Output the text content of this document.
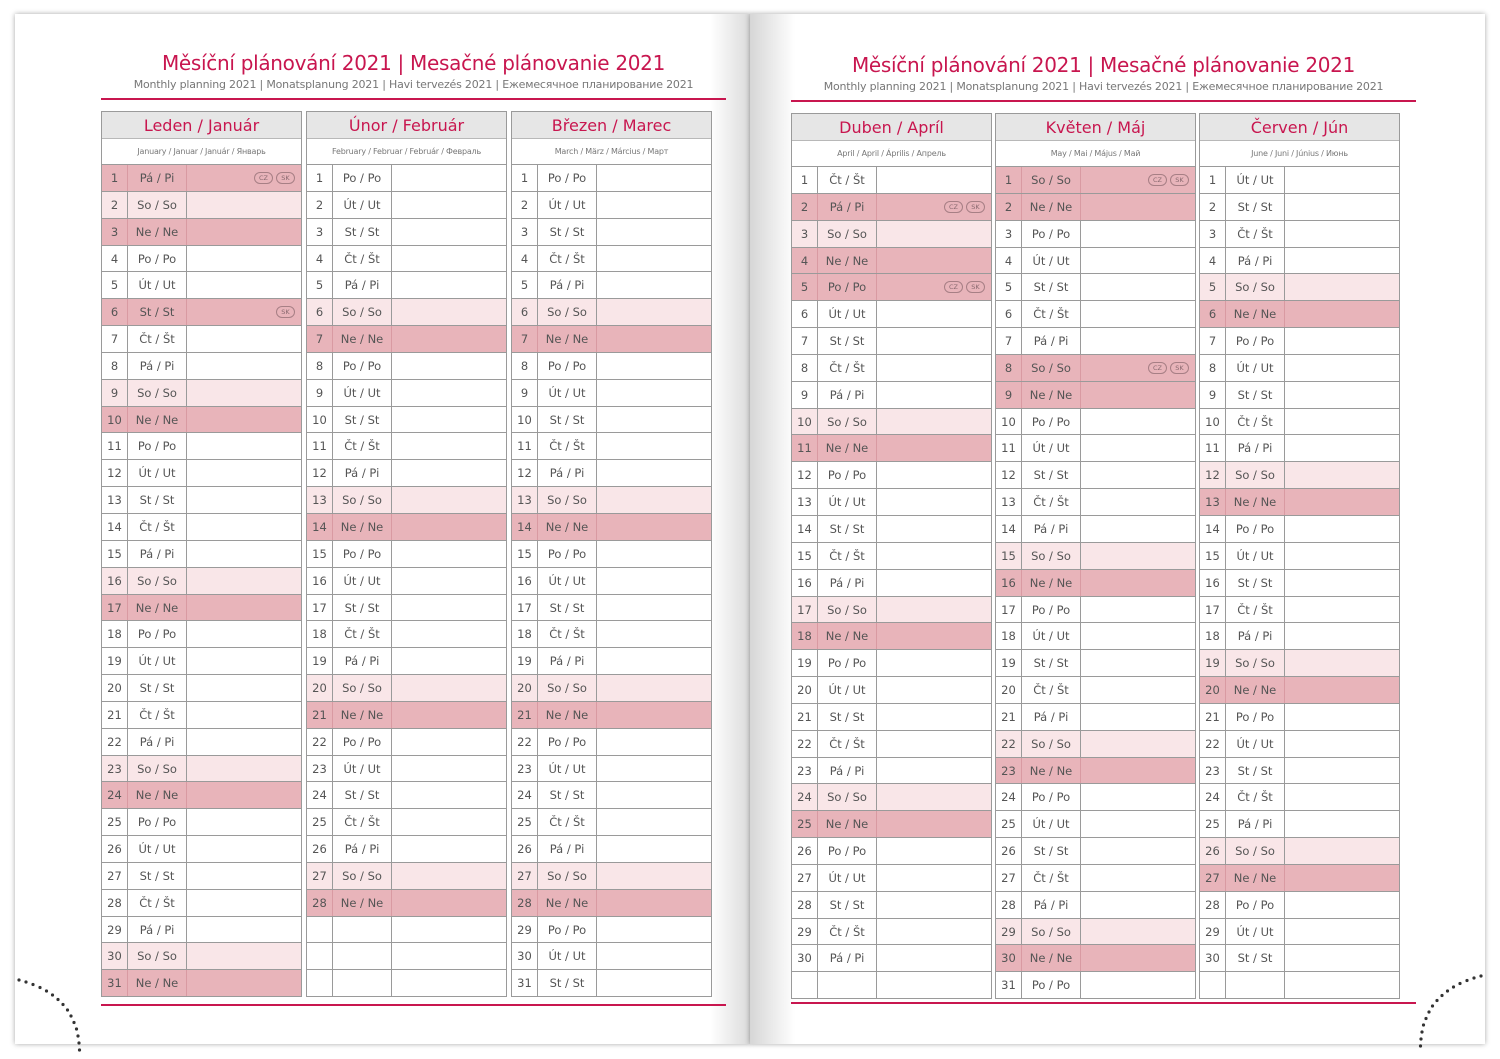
Měsíční plánování 2021 | Mesačné plánovanie 2021
Monthly planning 2021 | Monatsplanung 2021 | Havi tervezés 2021 | Ежемесячное планирование 2021
Leden / Január
January / Januar / Január / Январь
1	Pá / Pi	CZ	SK
2	So / So
3	Ne / Ne
4	Po / Po
5	Út / Ut
6	St / St	SK
7	Čt / Št
8	Pá / Pi
9	So / So
10	Ne / Ne
11	Po / Po
12	Út / Ut
13	St / St
14	Čt / Št
15	Pá / Pi
16	So / So
17	Ne / Ne
18	Po / Po
19	Út / Ut
20	St / St
21	Čt / Št
22	Pá / Pi
23	So / So
24	Ne / Ne
25	Po / Po
26	Út / Ut
27	St / St
28	Čt / Št
29	Pá / Pi
30	So / So
31	Ne / Ne
Únor / Február
February / Februar / Február / Февраль
1	Po / Po
2	Út / Ut
3	St / St
4	Čt / Št
5	Pá / Pi
6	So / So
7	Ne / Ne
8	Po / Po
9	Út / Ut
10	St / St
11	Čt / Št
12	Pá / Pi
13	So / So
14	Ne / Ne
15	Po / Po
16	Út / Ut
17	St / St
18	Čt / Št
19	Pá / Pi
20	So / So
21	Ne / Ne
22	Po / Po
23	Út / Ut
24	St / St
25	Čt / Št
26	Pá / Pi
27	So / So
28	Ne / Ne
Březen / Marec
March / März / Március / Март
1	Po / Po
2	Út / Ut
3	St / St
4	Čt / Št
5	Pá / Pi
6	So / So
7	Ne / Ne
8	Po / Po
9	Út / Ut
10	St / St
11	Čt / Št
12	Pá / Pi
13	So / So
14	Ne / Ne
15	Po / Po
16	Út / Ut
17	St / St
18	Čt / Št
19	Pá / Pi
20	So / So
21	Ne / Ne
22	Po / Po
23	Út / Ut
24	St / St
25	Čt / Št
26	Pá / Pi
27	So / So
28	Ne / Ne
29	Po / Po
30	Út / Ut
31	St / St
Měsíční plánování 2021 | Mesačné plánovanie 2021
Monthly planning 2021 | Monatsplanung 2021 | Havi tervezés 2021 | Ежемесячное планирование 2021
Duben / Apríl
April / April / Április / Апрель
1	Čt / Št
2	Pá / Pi	CZ	SK
3	So / So
4	Ne / Ne
5	Po / Po	CZ	SK
6	Út / Ut
7	St / St
8	Čt / Št
9	Pá / Pi
10	So / So
11	Ne / Ne
12	Po / Po
13	Út / Ut
14	St / St
15	Čt / Št
16	Pá / Pi
17	So / So
18	Ne / Ne
19	Po / Po
20	Út / Ut
21	St / St
22	Čt / Št
23	Pá / Pi
24	So / So
25	Ne / Ne
26	Po / Po
27	Út / Ut
28	St / St
29	Čt / Št
30	Pá / Pi
Květen / Máj
May / Mai / Május / Май
1	So / So	CZ	SK
2	Ne / Ne
3	Po / Po
4	Út / Ut
5	St / St
6	Čt / Št
7	Pá / Pi
8	So / So	CZ	SK
9	Ne / Ne
10	Po / Po
11	Út / Ut
12	St / St
13	Čt / Št
14	Pá / Pi
15	So / So
16	Ne / Ne
17	Po / Po
18	Út / Ut
19	St / St
20	Čt / Št
21	Pá / Pi
22	So / So
23	Ne / Ne
24	Po / Po
25	Út / Ut
26	St / St
27	Čt / Št
28	Pá / Pi
29	So / So
30	Ne / Ne
31	Po / Po
Červen / Jún
June / Juni / Június / Июнь
1	Út / Ut
2	St / St
3	Čt / Št
4	Pá / Pi
5	So / So
6	Ne / Ne
7	Po / Po
8	Út / Ut
9	St / St
10	Čt / Št
11	Pá / Pi
12	So / So
13	Ne / Ne
14	Po / Po
15	Út / Ut
16	St / St
17	Čt / Št
18	Pá / Pi
19	So / So
20	Ne / Ne
21	Po / Po
22	Út / Ut
23	St / St
24	Čt / Št
25	Pá / Pi
26	So / So
27	Ne / Ne
28	Po / Po
29	Út / Ut
30	St / St
